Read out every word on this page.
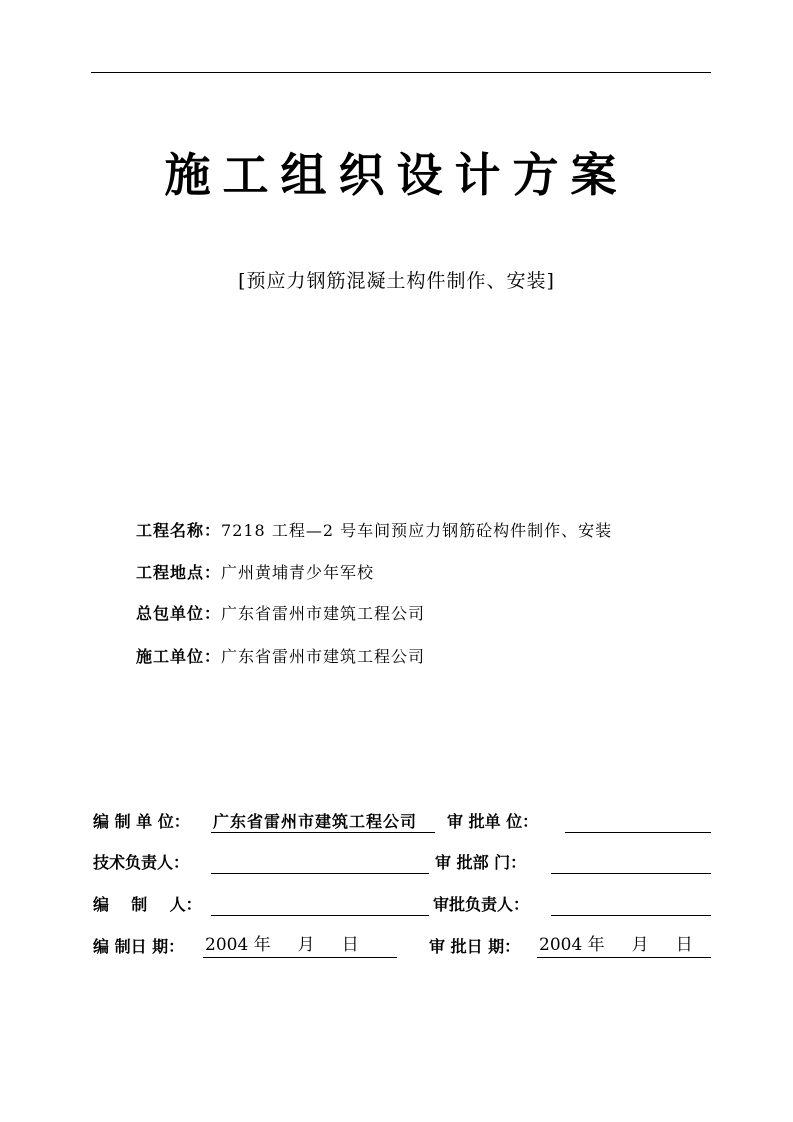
施工组织设计方案
[预应力钢筋混凝土构件制作、安装]
工程名称：7218 工程—2 号车间预应力钢筋砼构件制作、安装
工程地点：广州黄埔青少年军校
总包单位：广东省雷州市建筑工程公司
施工单位：广东省雷州市建筑工程公司
编 制 单 位： 广东省雷州市建筑工程公司 审 批单 位：
技术负责人：	审 批部 门：
编    制    人：	审批负责人：
编 制日 期： 2004 年     月     日	审 批日 期： 2004 年     月     日
